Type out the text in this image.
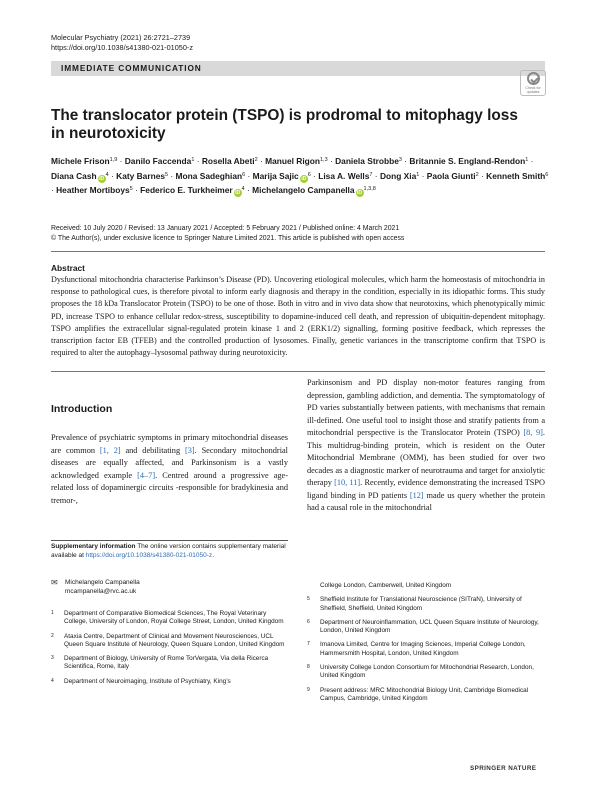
Molecular Psychiatry (2021) 26:2721–2739
https://doi.org/10.1038/s41380-021-01050-z
IMMEDIATE COMMUNICATION
Check for updates
The translocator protein (TSPO) is prodromal to mitophagy loss in neurotoxicity
Michele Frison$^{1,9}$ · Danilo Faccenda$^1$ · Rosella Abeti$^2$ · Manuel Rigon$^{1,3}$ · Daniela Strobbe$^3$ · Britannie S. England-Rendon$^1$ · Diana Cash $iD^4$ · Katy Barnes$^5$ · Mona Sadeghian$^6$ · Marija Sajic $iD^6$ · Lisa A. Wells$^7$ · Dong Xia$^1$ · Paola Giunti$^2$ · Kenneth Smith$^6$ · Heather Mortiboys$^5$ · Federico E. Turkheimer $iD^4$ · Michelangelo Campanella iD$^{1,3,8}$
Received: 10 July 2020 / Revised: 13 January 2021 / Accepted: 5 February 2021 / Published online: 4 March 2021
© The Author(s), under exclusive licence to Springer Nature Limited 2021. This article is published with open access
Abstract

Dysfunctional mitochondria characterise Parkinson’s Disease (PD). Uncovering etiological molecules, which harm the homeostasis of mitochondria in response to pathological cues, is therefore pivotal to inform early diagnosis and therapy in the condition, especially in its idiopathic forms. This study proposes the 18 kDa Translocator Protein (TSPO) to be one of those. Both in vitro and in vivo data show that neurotoxins, which phenotypically mimic PD, increase TSPO to enhance cellular redox-stress, susceptibility to dopamine-induced cell death, and repression of ubiquitin-dependent mitophagy. TSPO amplifies the extracellular signal-regulated protein kinase 1 and 2 (ERK1/2) signalling, forming positive feedback, which represses the transcription factor EB (TFEB) and the controlled production of lysosomes. Finally, genetic variances in the transcriptome confirm that TSPO is required to alter the autophagy–lysosomal pathway during neurotoxicity.

Introduction

Prevalence of psychiatric symptoms in primary mitochondrial diseases are common [1, 2] and debilitating [3]. Secondary mitochondrial diseases are equally affected, and Parkinsonism is a vastly acknowledged example [4–7]. Centred around a progressive age-related loss of dopaminergic circuits -responsible for bradykinesia and tremor-,

Parkinsonism and PD display non-motor features ranging from depression, gambling addiction, and dementia. The symptomatology of PD varies substantially between patients, with mechanisms that remain ill-defined. One useful tool to insight those and stratify patients from a mitochondrial perspective is the Translocator Protein (TSPO) [8, 9]. This multidrug-binding protein, which is resident on the Outer Mitochondrial Membrane (OMM), has been studied for over two decades as a diagnostic marker of neurotrauma and target for anxiolytic therapy [10, 11]. Recently, evidence demonstrating the increased TSPO ligand binding in PD patients [12] made us query whether the protein had a causal role in the mitochondrial

Supplementary information The online version contains supplementary material available at https://doi.org/10.1038/s41380-021-01050-z.
✉	Michelangelo Campanella
mcampanella@rvc.ac.uk
1	Department of Comparative Biomedical Sciences, The Royal Veterinary College, University of London, Royal College Street, London, United Kingdom
2	Ataxia Centre, Department of Clinical and Movement Neurosciences, UCL Queen Square Institute of Neurology, Queen Square London, United Kingdom
3	Department of Biology, University of Rome TorVergata, Via della Ricerca Scientifica, Rome, Italy
4	Department of Neuroimaging, Institute of Psychiatry, King’s
College London, Camberwell, United Kingdom
5	Sheffield Institute for Translational Neuroscience (SITraN), University of Sheffield, Sheffield, United Kingdom
6	Department of Neuroinflammation, UCL Queen Square Institute of Neurology, London, United Kingdom
7	Imanova Limited, Centre for Imaging Sciences, Imperial College London, Hammersmith Hospital, London, United Kingdom
8	University College London Consortium for Mitochondrial Research, London, United Kingdom
9	Present address: MRC Mitochondrial Biology Unit, Cambridge Biomedical Campus, Cambridge, United Kingdom
SPRINGER NATURE
